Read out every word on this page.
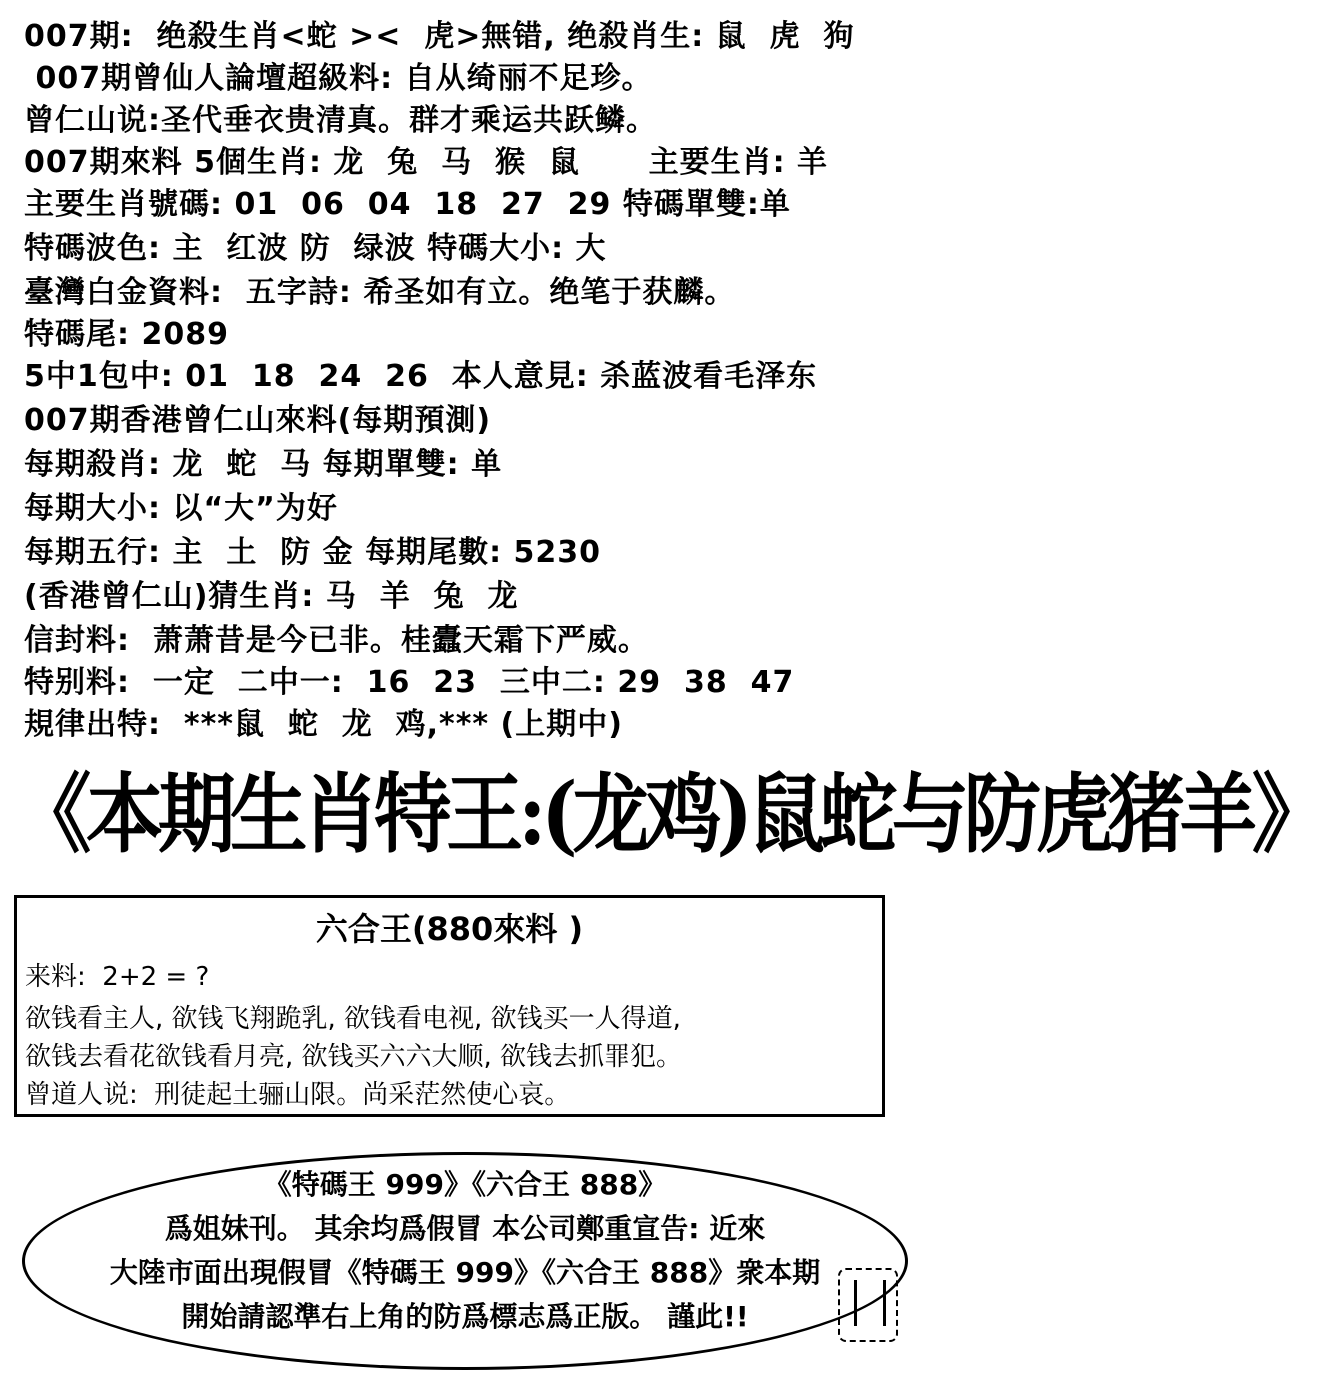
007期:  绝殺生肖<蛇 ><  虎>無错, 绝殺肖生: 鼠  虎  狗
007期曾仙人論壇超級料: 自从绮丽不足珍。
曾仁山说:圣代垂衣贵清真。群才乘运共跃鳞。
007期來料 5個生肖: 龙  兔  马  猴  鼠      主要生肖: 羊
主要生肖號碼: 01  06  04  18  27  29 特碼單雙:单
特碼波色: 主  红波 防  绿波 特碼大小: 大
臺灣白金資料:  五字詩: 希圣如有立。绝笔于获麟。
特碼尾: 2089
5中1包中: 01  18  24  26  本人意見: 杀蓝波看毛泽东
007期香港曾仁山來料(每期預測)
每期殺肖: 龙  蛇  马 每期單雙: 单
每期大小: 以“大”为好
每期五行: 主  土  防 金 每期尾數: 5230
(香港曾仁山)猜生肖: 马  羊  兔  龙
信封料:  萧萧昔是今已非。桂蠹天霜下严威。
特别料:  一定  二中一:  16  23  三中二: 29  38  47
規律出特:  ***鼠  蛇  龙  鸡,*** (上期中)
《本期生肖特王:(龙鸡)鼠蛇与防虎猪羊》
六合王(880來料 )
来料:  2+2 = ?
欲钱看主人, 欲钱飞翔跪乳, 欲钱看电视, 欲钱买一人得道,
欲钱去看花欲钱看月亮, 欲钱买六六大顺, 欲钱去抓罪犯。
曾道人说:  刑徒起土骊山限。尚采茫然使心哀。
《特碼王 999》《六合王 888》
爲姐妹刊。 其余均爲假冒 本公司鄭重宣告: 近來
大陸市面出現假冒《特碼王 999》《六合王 888》衆本期
開始請認準右上角的防爲標志爲正版。 謹此!!
